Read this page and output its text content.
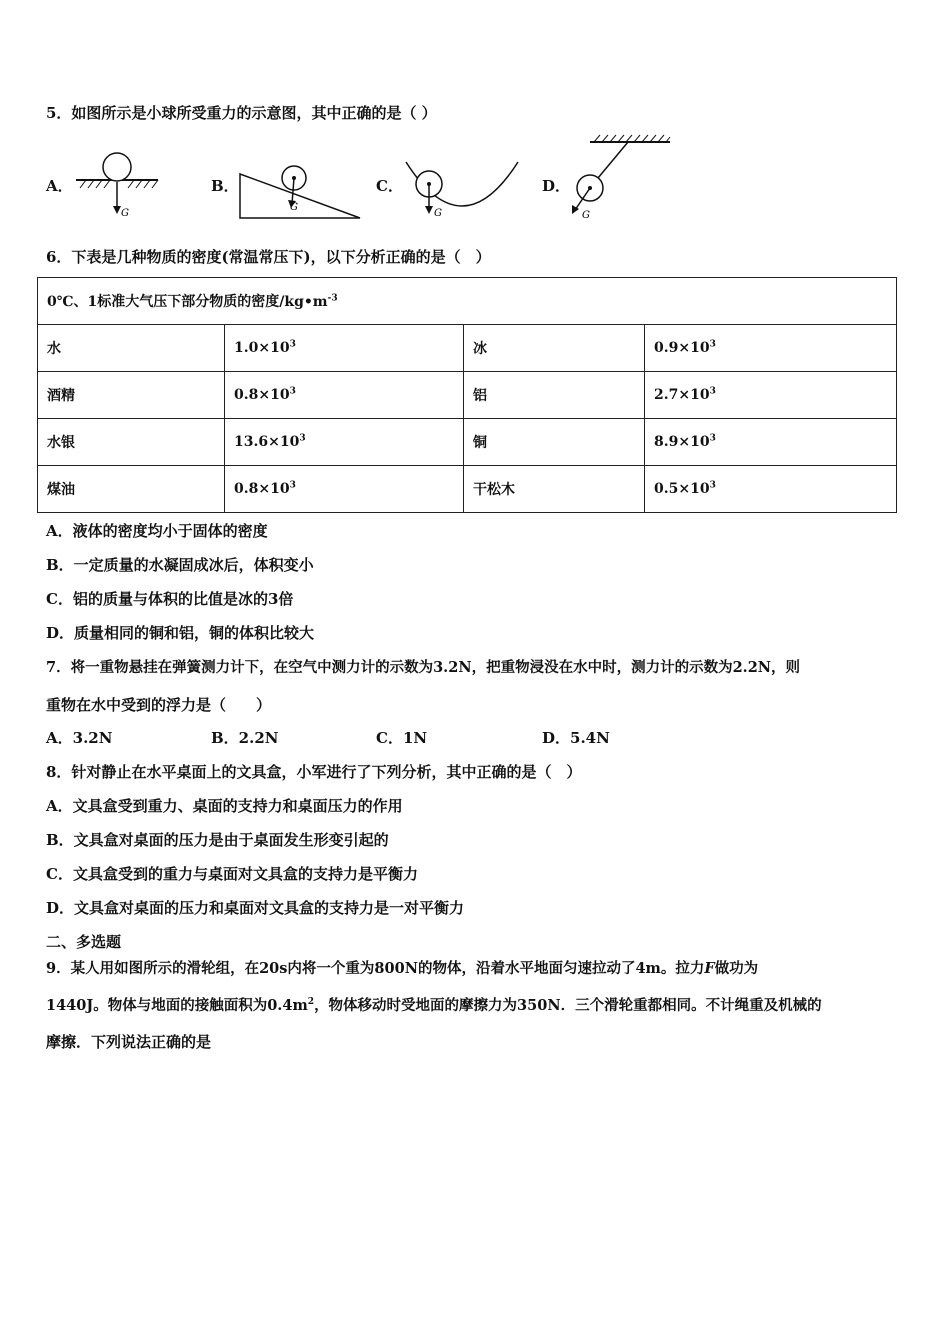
5．如图所示是小球所受重力的示意图，其中正确的是（ ）
A．
G
B．
G
C．
G
D．
G
6．下表是几种物质的密度(常温常压下)，以下分析正确的是（　）
0℃、1标准大气压下部分物质的密度$/kg•m^{-3}$
水	$1.0\times 10^3$	冰	$0.9\times 10^3$
酒精	$0.8\times 10^3$	铝	$2.7\times 10^3$
水银	$13.6\times 10^3$	铜	$8.9\times 10^3$
煤油	$0.8\times 10^3$	干松木	$0.5\times 10^3$
A．液体的密度均小于固体的密度
B．一定质量的水凝固成冰后，体积变小
C．铝的质量与体积的比值是冰的3倍
D．质量相同的铜和铝，铜的体积比较大
7．将一重物悬挂在弹簧测力计下，在空气中测力计的示数为3.2N，把重物浸没在水中时，测力计的示数为2.2N，则
重物在水中受到的浮力是（　　）
A．3.2N	B．2.2N	C．1N	D．5.4N
8．针对静止在水平桌面上的文具盒，小军进行了下列分析，其中正确的是（　）
A．文具盒受到重力、桌面的支持力和桌面压力的作用
B．文具盒对桌面的压力是由于桌面发生形变引起的
C．文具盒受到的重力与桌面对文具盒的支持力是平衡力
D．文具盒对桌面的压力和桌面对文具盒的支持力是一对平衡力
二、多选题
9．某人用如图所示的滑轮组，在20s内将一个重为800N的物体，沿着水平地面匀速拉动了4m。拉力F做功为
1440J。物体与地面的接触面积为$0.4m^2$，物体移动时受地面的摩擦力为350N．三个滑轮重都相同。不计绳重及机械的
摩擦．下列说法正确的是
